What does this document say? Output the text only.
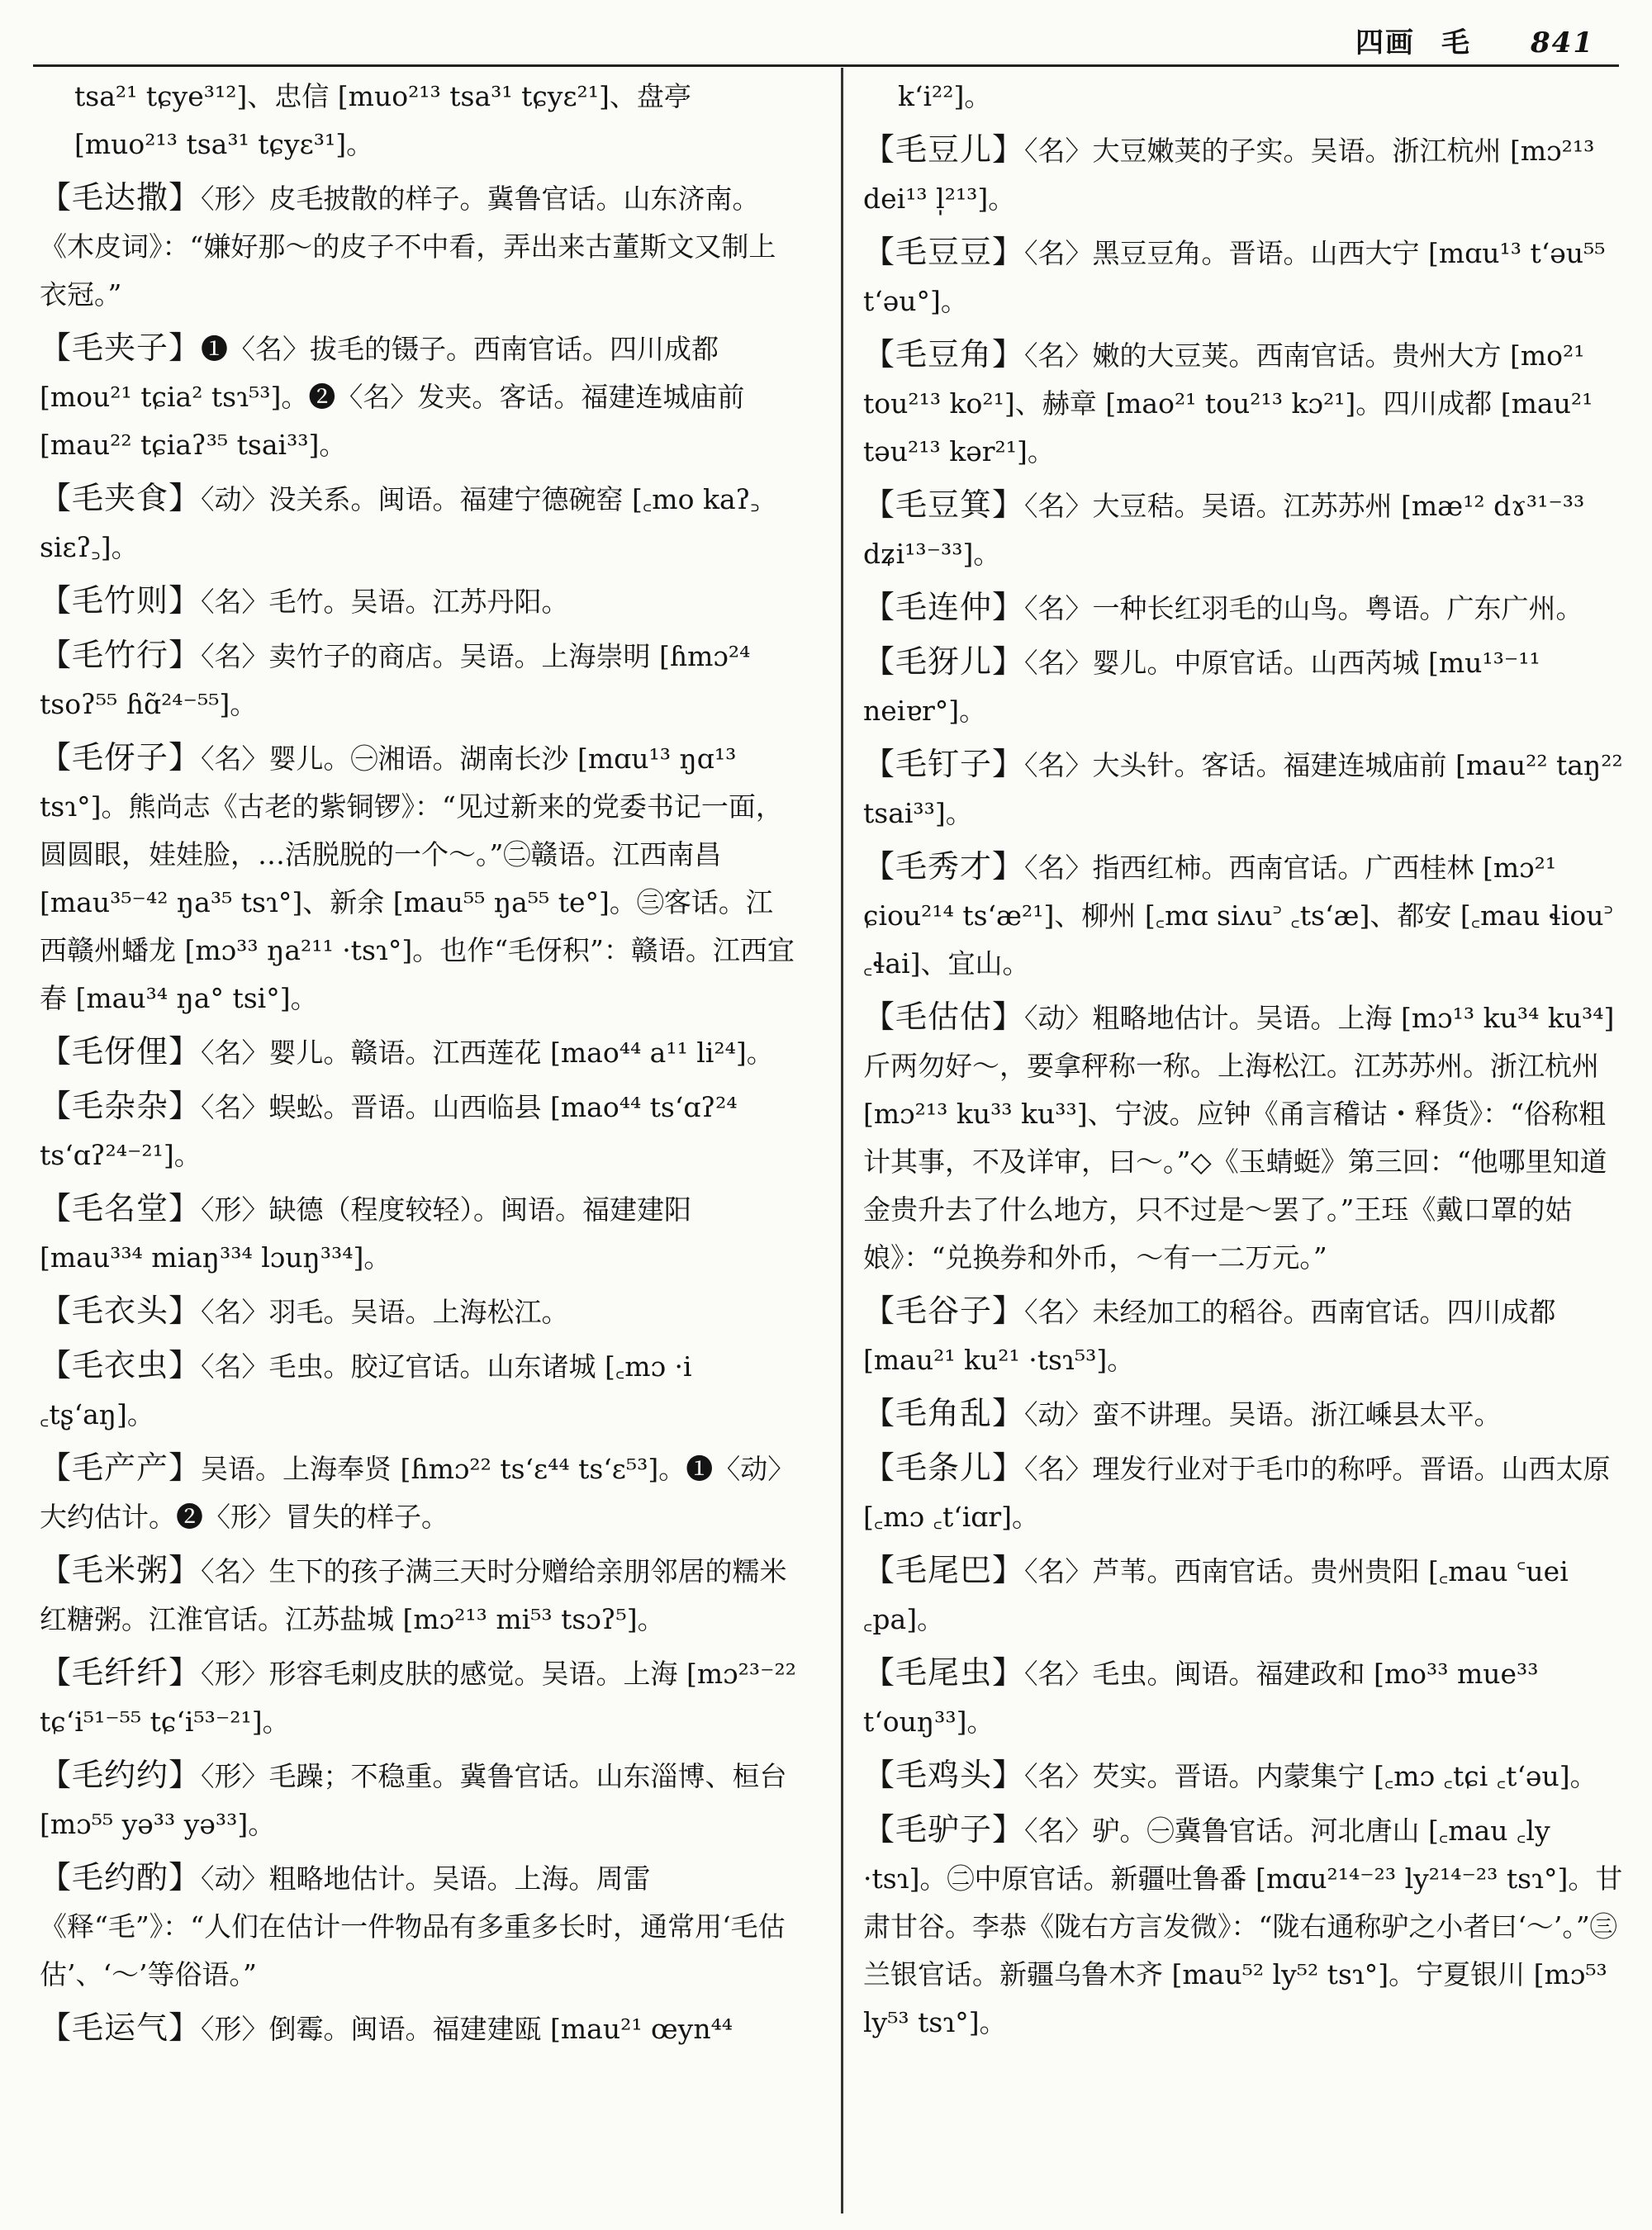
四画 毛 841
tsa²¹ tɕye³¹²]、忠信 [muo²¹³ tsa³¹ tɕyɛ²¹]、盘亭 [muo²¹³ tsa³¹ tɕyɛ³¹]。
【毛达撒】〈形〉皮毛披散的样子。冀鲁官话。山东济南。《木皮词》：“嫌好那～的皮子不中看，弄出来古董斯文又制上衣冠。”
【毛夹子】❶〈名〉拔毛的镊子。西南官话。四川成都 [mou²¹ tɕia² tsɿ⁵³]。❷〈名〉发夹。客话。福建连城庙前 [mau²² tɕiaʔ³⁵ tsai³³]。
【毛夹食】〈动〉没关系。闽语。福建宁德碗窑 [꜀mo kaʔ꜆ siɛʔ꜆]。
【毛竹则】〈名〉毛竹。吴语。江苏丹阳。
【毛竹行】〈名〉卖竹子的商店。吴语。上海崇明 [ɦmɔ²⁴ tsoʔ⁵⁵ ɦɑ̃²⁴⁻⁵⁵]。
【毛伢子】〈名〉婴儿。㊀湘语。湖南长沙 [mɑu¹³ ŋɑ¹³ tsɿ°]。熊尚志《古老的紫铜锣》：“见过新来的党委书记一面，圆圆眼，娃娃脸，…活脱脱的一个～。”㊁赣语。江西南昌 [mau³⁵⁻⁴² ŋa³⁵ tsɿ°]、新余 [mau⁵⁵ ŋa⁵⁵ te°]。㊂客话。江西赣州蟠龙 [mɔ³³ ŋa²¹¹ ·tsɿ°]。也作“毛伢积”：赣语。江西宜春 [mau³⁴ ŋa° tsi°]。
【毛伢俚】〈名〉婴儿。赣语。江西莲花 [mao⁴⁴ a¹¹ li²⁴]。
【毛杂杂】〈名〉蜈蚣。晋语。山西临县 [mao⁴⁴ ts‘ɑʔ²⁴ ts‘ɑʔ²⁴⁻²¹]。
【毛名堂】〈形〉缺德（程度较轻）。闽语。福建建阳 [mau³³⁴ miaŋ³³⁴ lɔuŋ³³⁴]。
【毛衣头】〈名〉羽毛。吴语。上海松江。
【毛衣虫】〈名〉毛虫。胶辽官话。山东诸城 [꜀mɔ ·i ꜀tʂ‘aŋ]。
【毛产产】吴语。上海奉贤 [ɦmɔ²² ts‘ɛ⁴⁴ ts‘ɛ⁵³]。❶〈动〉大约估计。❷〈形〉冒失的样子。
【毛米粥】〈名〉生下的孩子满三天时分赠给亲朋邻居的糯米红糖粥。江淮官话。江苏盐城 [mɔ²¹³ mi⁵³ tsɔʔ⁵]。
【毛纤纤】〈形〉形容毛刺皮肤的感觉。吴语。上海 [mɔ²³⁻²² tɕ‘i⁵¹⁻⁵⁵ tɕ‘i⁵³⁻²¹]。
【毛约约】〈形〉毛躁；不稳重。冀鲁官话。山东淄博、桓台 [mɔ⁵⁵ yə³³ yə³³]。
【毛约酌】〈动〉粗略地估计。吴语。上海。周雷《释“毛”》：“人们在估计一件物品有多重多长时，通常用‘毛估估’、‘～’等俗语。”
【毛运气】〈形〉倒霉。闽语。福建建瓯 [mau²¹ œyn⁴⁴
k‘i²²]。
【毛豆儿】〈名〉大豆嫩荚的子实。吴语。浙江杭州 [mɔ²¹³ dei¹³ l̩²¹³]。
【毛豆豆】〈名〉黑豆豆角。晋语。山西大宁 [mɑu¹³ t‘əu⁵⁵ t‘əu°]。
【毛豆角】〈名〉嫩的大豆荚。西南官话。贵州大方 [mo²¹ tou²¹³ ko²¹]、赫章 [mao²¹ tou²¹³ kɔ²¹]。四川成都 [mau²¹ təu²¹³ kər²¹]。
【毛豆箕】〈名〉大豆秸。吴语。江苏苏州 [mæ¹² dɤ³¹⁻³³ dʑi¹³⁻³³]。
【毛连仲】〈名〉一种长红羽毛的山鸟。粤语。广东广州。
【毛犽儿】〈名〉婴儿。中原官话。山西芮城 [mu¹³⁻¹¹ neiɐr°]。
【毛钉子】〈名〉大头针。客话。福建连城庙前 [mau²² taŋ²² tsai³³]。
【毛秀才】〈名〉指西红柿。西南官话。广西桂林 [mɔ²¹ ɕiou²¹⁴ ts‘æ²¹]、柳州 [꜀mɑ siʌu꜄ ꜀ts‘æ]、都安 [꜀mau ɬiou꜄ ꜀ɬai]、宜山。
【毛估估】〈动〉粗略地估计。吴语。上海 [mɔ¹³ ku³⁴ ku³⁴] 斤两勿好～，要拿秤称一称。上海松江。江苏苏州。浙江杭州 [mɔ²¹³ ku³³ ku³³]、宁波。应钟《甬言稽诂・释货》：“俗称粗计其事，不及详审，曰～。”◇《玉蜻蜓》第三回：“他哪里知道金贵升去了什么地方，只不过是～罢了。”王珏《戴口罩的姑娘》：“兑换券和外币，～有一二万元。”
【毛谷子】〈名〉未经加工的稻谷。西南官话。四川成都 [mau²¹ ku²¹ ·tsɿ⁵³]。
【毛角乱】〈动〉蛮不讲理。吴语。浙江嵊县太平。
【毛条儿】〈名〉理发行业对于毛巾的称呼。晋语。山西太原 [꜀mɔ ꜀t‘iɑr]。
【毛尾巴】〈名〉芦苇。西南官话。贵州贵阳 [꜀mau ꜂uei ꜀pa]。
【毛尾虫】〈名〉毛虫。闽语。福建政和 [mo³³ mue³³ t‘ouŋ³³]。
【毛鸡头】〈名〉芡实。晋语。内蒙集宁 [꜀mɔ ꜀tɕi ꜀t‘əu]。
【毛驴子】〈名〉驴。㊀冀鲁官话。河北唐山 [꜀mau ꜀ly ·tsɿ]。㊁中原官话。新疆吐鲁番 [mɑu²¹⁴⁻²³ ly²¹⁴⁻²³ tsɿ°]。甘肃甘谷。李恭《陇右方言发微》：“陇右通称驴之小者曰‘～’。”㊂兰银官话。新疆乌鲁木齐 [mau⁵² ly⁵² tsɿ°]。宁夏银川 [mɔ⁵³ ly⁵³ tsɿ°]。
